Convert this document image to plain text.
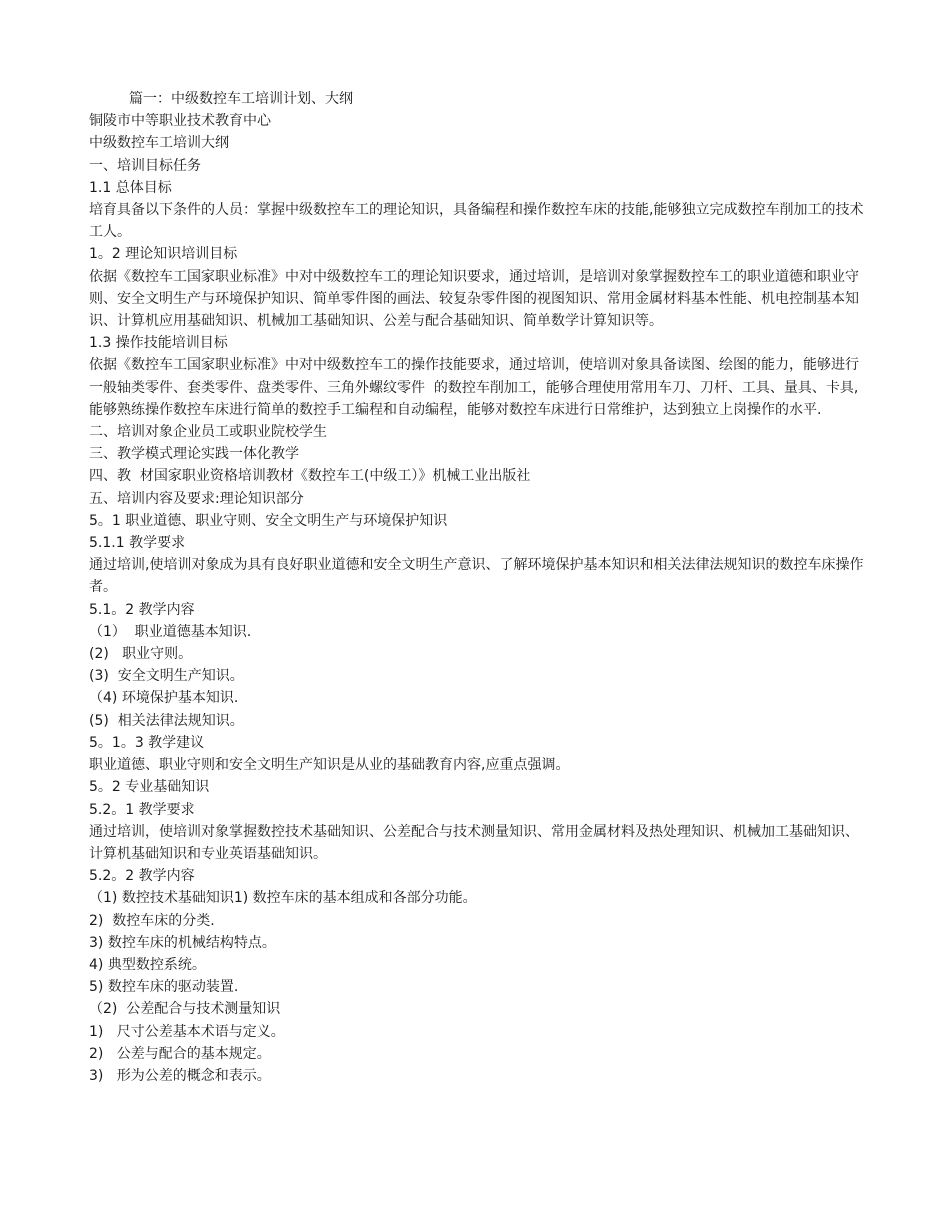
篇一：中级数控车工培训计划、大纲
铜陵市中等职业技术教育中心
中级数控车工培训大纲
一、培训目标任务
1.1 总体目标
培育具备以下条件的人员：掌握中级数控车工的理论知识，具备编程和操作数控车床的技能,能够独立完成数控车削加工的技术工人。
1。2 理论知识培训目标
依据《数控车工国家职业标准》中对中级数控车工的理论知识要求，通过培训，是培训对象掌握数控车工的职业道德和职业守则、安全文明生产与环境保护知识、简单零件图的画法、较复杂零件图的视图知识、常用金属材料基本性能、机电控制基本知识、计算机应用基础知识、机械加工基础知识、公差与配合基础知识、简单数学计算知识等。
1.3 操作技能培训目标
依据《数控车工国家职业标准》中对中级数控车工的操作技能要求，通过培训，使培训对象具备读图、绘图的能力，能够进行一般轴类零件、套类零件、盘类零件、三角外螺纹零件  的数控车削加工，能够合理使用常用车刀、刀杆、工具、量具、卡具,能够熟练操作数控车床进行简单的数控手工编程和自动编程，能够对数控车床进行日常维护，达到独立上岗操作的水平.
二、培训对象企业员工或职业院校学生
三、教学模式理论实践一体化教学
四、教  材国家职业资格培训教材《数控车工(中级工）》机械工业出版社
五、培训内容及要求:理论知识部分
5。1 职业道德、职业守则、安全文明生产与环境保护知识
5.1.1 教学要求
通过培训,使培训对象成为具有良好职业道德和安全文明生产意识、了解环境保护基本知识和相关法律法规知识的数控车床操作者。
5.1。2 教学内容
（1）  职业道德基本知识.
(2)   职业守则。
(3)  安全文明生产知识。
（4) 环境保护基本知识.
(5)  相关法律法规知识。
5。1。3 教学建议
职业道德、职业守则和安全文明生产知识是从业的基础教育内容,应重点强调。
5。2 专业基础知识
5.2。1 教学要求
通过培训，使培训对象掌握数控技术基础知识、公差配合与技术测量知识、常用金属材料及热处理知识、机械加工基础知识、计算机基础知识和专业英语基础知识。
5.2。2 教学内容
（1) 数控技术基础知识1) 数控车床的基本组成和各部分功能。
2)  数控车床的分类.
3) 数控车床的机械结构特点。
4) 典型数控系统。
5) 数控车床的驱动装置.
（2)  公差配合与技术测量知识
1)   尺寸公差基本术语与定义。
2)   公差与配合的基本规定。
3)   形为公差的概念和表示。
